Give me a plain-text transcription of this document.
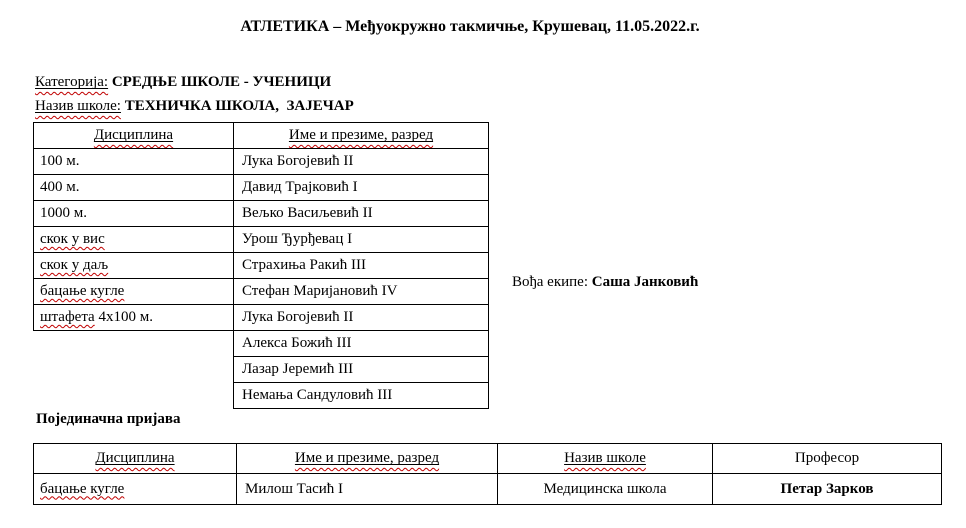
АТЛЕТИКА – Међуокружно такмичње, Крушевац, 11.05.2022.г.

Категорија: СРЕДЊЕ ШКОЛЕ - УЧЕНИЦИ

Назив школе: ТЕХНИЧКА ШКОЛА,  ЗАЈЕЧАР

Дисциплина	Име и презиме, разред
100 м.	Лука Богојевић II
400 м.	Давид Трајковић I
1000 м.	Вељко Васиљевић II
скок у вис	Урош Ђурђевац I
скок у даљ	Страхиња Ракић III
бацање кугле	Стефан Маријановић IV
штафета 4x100 м.	Лука Богојевић II
	Алекса Божић III
	Лазар Јеремић III
	Немања Сандуловић III

Вођа екипе: Саша Јанковић

Појединачна пријава
Дисциплина	Име и презиме, разред	Назив школе	Професор
бацање кугле	Милош Тасић I	Медицинска школа	Петар Зарков
